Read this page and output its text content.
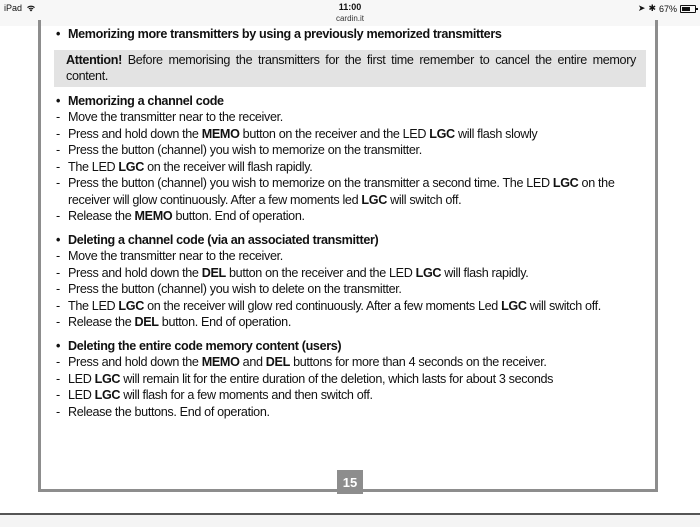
iPad	11:00
cardin.it
➤ ✱ 67%
• Memorizing more transmitters by using a previously memorized transmitters
Attention! Before memorising the transmitters for the first time remember to cancel the entire memory content.
• Memorizing a channel code
- Move the transmitter near to the receiver.
- Press and hold down the MEMO button on the receiver and the LED LGC will flash slowly
- Press the button (channel) you wish to memorize on the transmitter.
- The LED LGC on the receiver will flash rapidly.
- Press the button (channel) you wish to memorize on the transmitter a second time. The LED LGC on the receiver will glow continuously. After a few moments led LGC will switch off.
- Release the MEMO button. End of operation.
• Deleting a channel code (via an associated transmitter)
- Move the transmitter near to the receiver.
- Press and hold down the DEL button on the receiver and the LED LGC will flash rapidly.
- Press the button (channel) you wish to delete on the transmitter.
- The LED LGC on the receiver will glow red continuously. After a few moments Led LGC will switch off.
- Release the DEL button. End of operation.
• Deleting the entire code memory content (users)
- Press and hold down the MEMO and DEL buttons for more than 4 seconds on the receiver.
- LED LGC will remain lit for the entire duration of the deletion, which lasts for about 3 seconds
- LED LGC will flash for a few moments and then switch off.
- Release the buttons. End of operation.
15
